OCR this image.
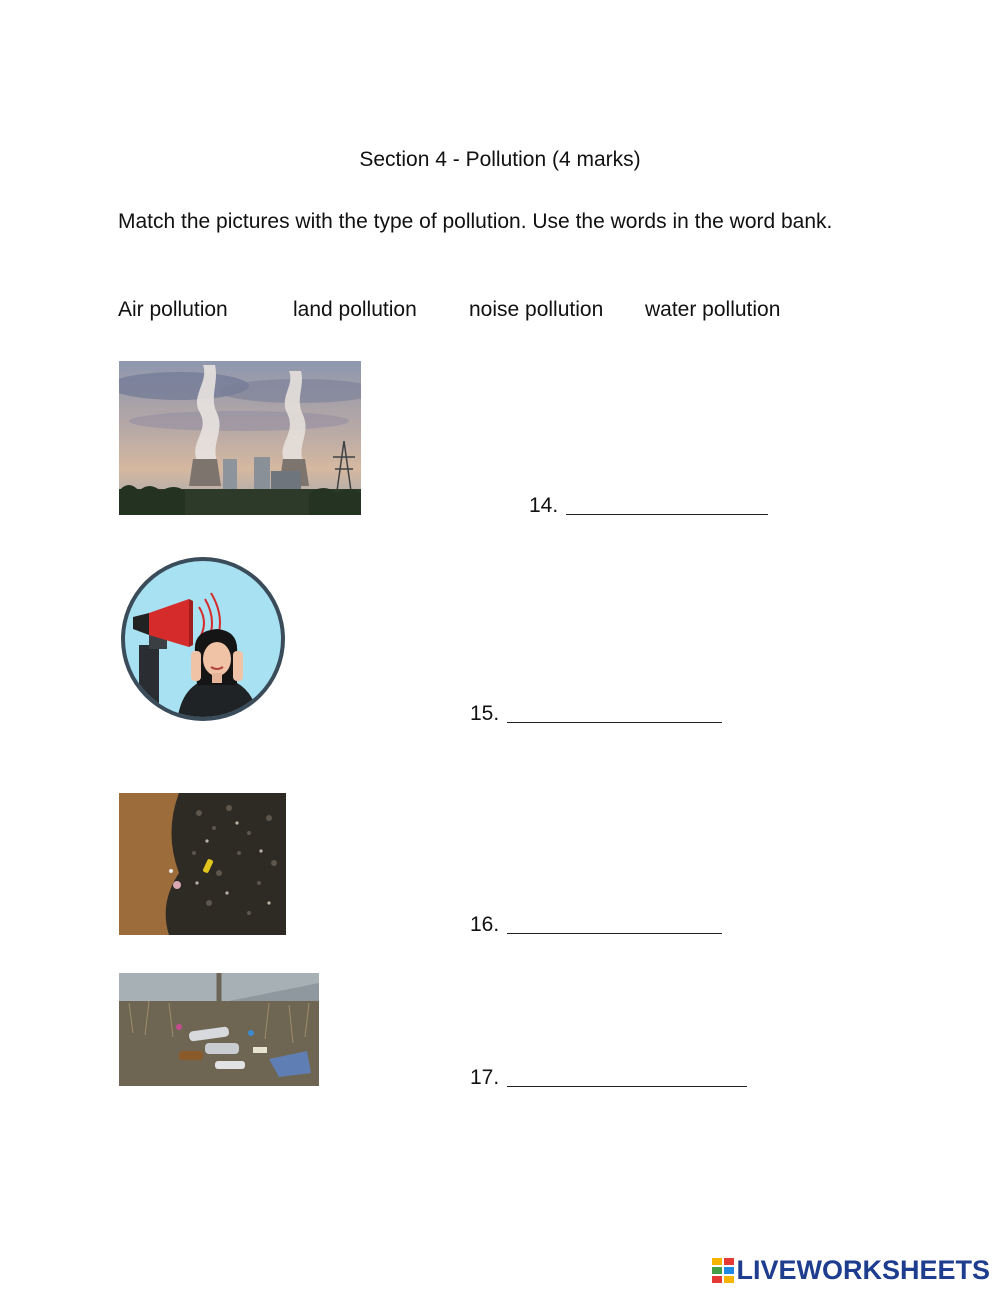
Section 4 - Pollution (4 marks)
Match the pictures with the type of pollution. Use the words in the word bank.
Air pollution	land pollution noise pollution water pollution
14.
15.
16.
17.
LIVEWORKSHEETS
